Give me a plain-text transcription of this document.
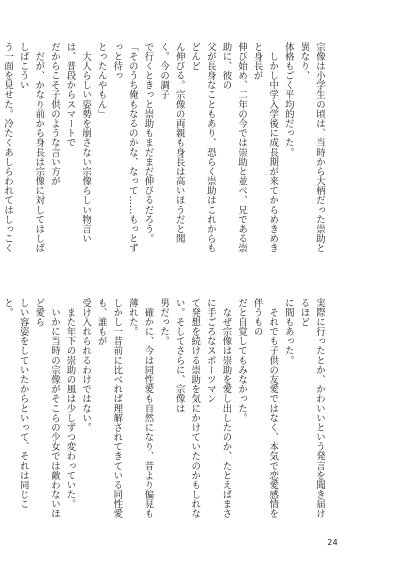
宗像は小学生の頃は、当時から大柄だった崇助と異なり、

体格もごく平均的だった。

　しかし中学入学後に成長期が来てからめきめきと身長が

伸び始め、二年の今では崇助と並べ、兄である崇助に、彼の

父が長身なこともあり、恐らく崇助はこれからもどんど

ん伸びる。宗像の両親も身長は高いほうだと聞く。今の調子

で行くときっと崇助もまだまだ伸びるだろう。

「そのうち俺もなるのかな、なって……もっとずっと待っ

とったんやもん」

　大人らしい姿勢を崩さない宗像らしい物言いは、普段からスマートで

だからこそ子供のような言い方が

　だが、かなり前から身長は宗像に対してはしばしばこうい

う一面を見せた。冷たくあしらわれてはしっこく

実際に行ったとか、かわいいという発言を聞き届けるほど

に間もあった。

　それでも子供の友愛ではなく、本気で恋愛感情を伴うもの

だと自覚してもみなかった。

　なぜ宗像は崇助を愛し出したのか、たとえばまさに手ごろなスポーツマン

て発想を続ける崇助を気にかけていたのかもしれない。そしてさらに、宗像は

男だった。

　確かに、今は同性愛も自然になり、昔より偏見も薄れた。

しかし一昔前に比べれば理解されてきている同性愛も、誰もが

受け入れられるわけではない。

　また年下の崇助の風は少しずつ変わっていた。

　いかに当時の宗像がそこらの少女では敵わないほど愛ら

しい容姿をしていたからといって、それは同じこと。

24
